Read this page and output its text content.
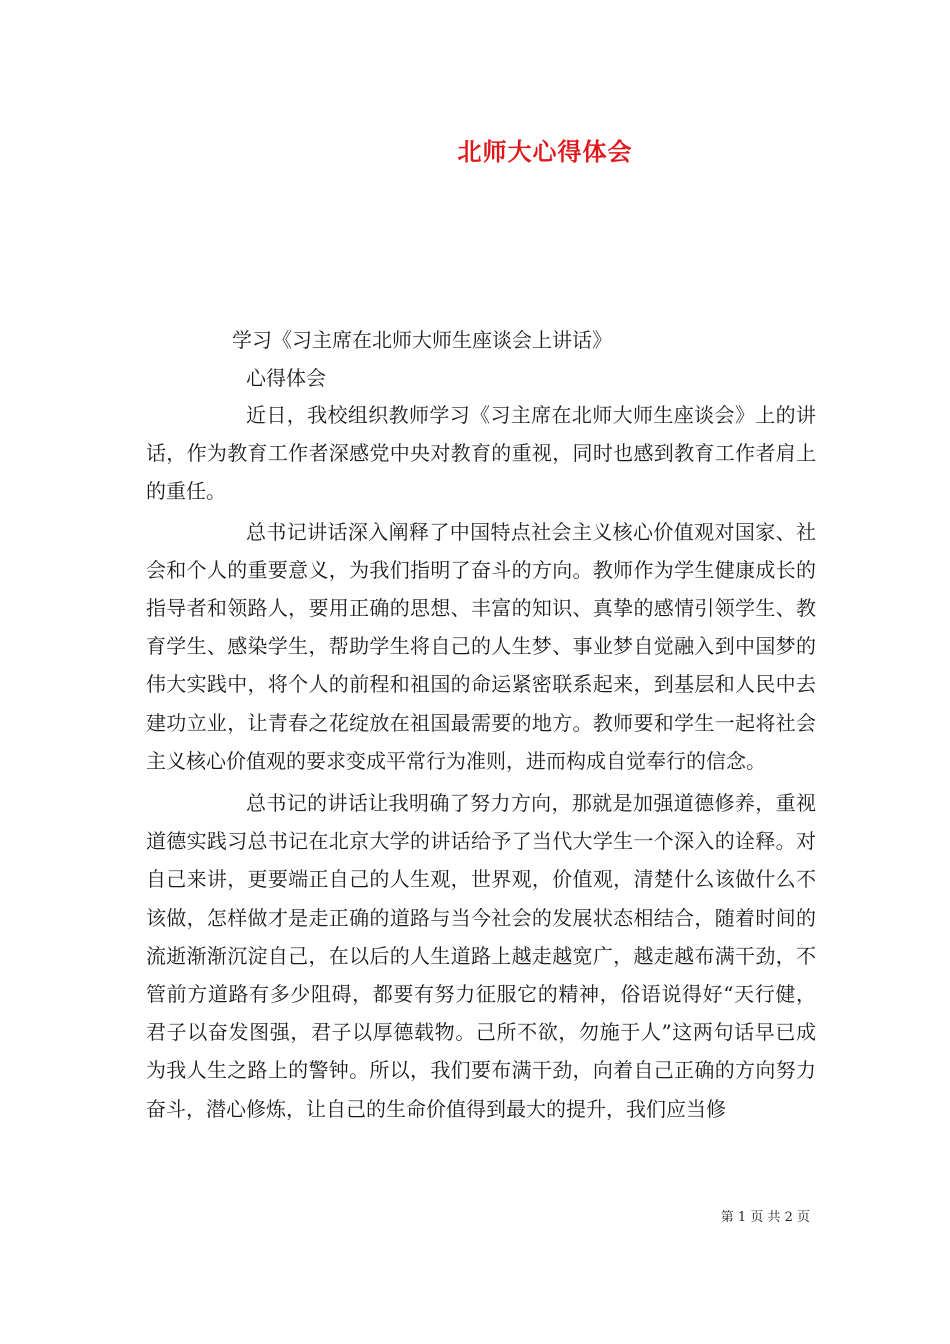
北师大心得体会
学习《习主席在北师大师生座谈会上讲话》
心得体会

近日，我校组织教师学习《习主席在北师大师生座谈会》上的讲话，作为教育工作者深感党中央对教育的重视，同时也感到教育工作者肩上的重任。

总书记讲话深入阐释了中国特点社会主义核心价值观对国家、社会和个人的重要意义，为我们指明了奋斗的方向。教师作为学生健康成长的指导者和领路人，要用正确的思想、丰富的知识、真挚的感情引领学生、教育学生、感染学生，帮助学生将自己的人生梦、事业梦自觉融入到中国梦的伟大实践中，将个人的前程和祖国的命运紧密联系起来，到基层和人民中去建功立业，让青春之花绽放在祖国最需要的地方。教师要和学生一起将社会主义核心价值观的要求变成平常行为准则，进而构成自觉奉行的信念。

总书记的讲话让我明确了努力方向，那就是加强道德修养，重视道德实践习总书记在北京大学的讲话给予了当代大学生一个深入的诠释。对自己来讲，更要端正自己的人生观，世界观，价值观，清楚什么该做什么不该做，怎样做才是走正确的道路与当今社会的发展状态相结合，随着时间的流逝渐渐沉淀自己，在以后的人生道路上越走越宽广，越走越布满干劲，不管前方道路有多少阻碍，都要有努力征服它的精神，俗语说得好“天行健，君子以奋发图强，君子以厚德载物。己所不欲，勿施于人”这两句话早已成为我人生之路上的警钟。所以，我们要布满干劲，向着自己正确的方向努力奋斗，潜心修炼，让自己的生命价值得到最大的提升，我们应当修

第 1 页 共 2 页
